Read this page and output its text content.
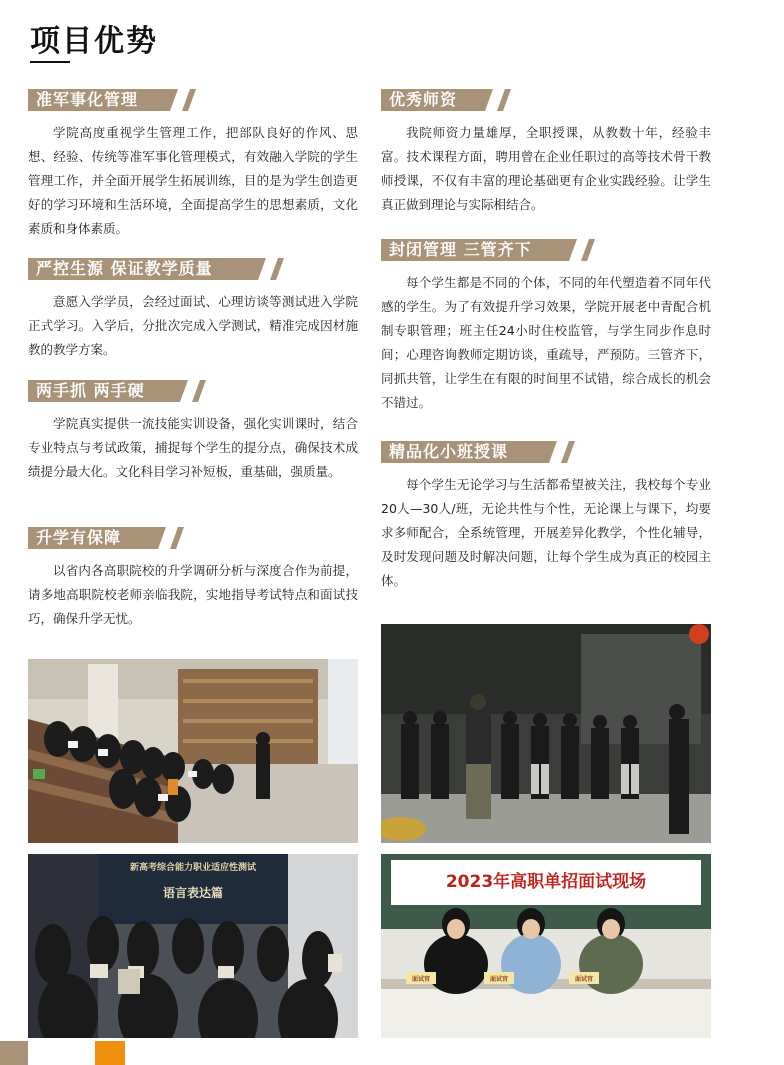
项目优势
准军事化管理
学院高度重视学生管理工作，把部队良好的作风、思想、经验、传统等准军事化管理模式，有效融入学院的学生管理工作，并全面开展学生拓展训练，目的是为学生创造更好的学习环境和生活环境，全面提高学生的思想素质，文化素质和身体素质。
严控生源 保证教学质量
意愿入学学员，会经过面试、心理访谈等测试进入学院正式学习。入学后，分批次完成入学测试，精准完成因材施教的教学方案。
两手抓 两手硬
学院真实提供一流技能实训设备，强化实训课时，结合专业特点与考试政策，捕捉每个学生的提分点，确保技术成绩提分最大化。文化科目学习补短板，重基础，强质量。
升学有保障
以省内各高职院校的升学调研分析与深度合作为前提，请多地高职院校老师亲临我院，实地指导考试特点和面试技巧，确保升学无忧。
优秀师资
我院师资力量雄厚，全职授课，从教数十年，经验丰富。技术课程方面，聘用曾在企业任职过的高等技术骨干教师授课，不仅有丰富的理论基础更有企业实践经验。让学生真正做到理论与实际相结合。
封闭管理 三管齐下
每个学生都是不同的个体，不同的年代塑造着不同年代感的学生。为了有效提升学习效果，学院开展老中青配合机制专职管理；班主任24小时住校监管，与学生同步作息时间；心理咨询教师定期访谈，重疏导，严预防。三管齐下，同抓共管，让学生在有限的时间里不试错，综合成长的机会不错过。
精品化小班授课
每个学生无论学习与生活都希望被关注，我校每个专业20人—30人/班，无论共性与个性，无论课上与课下，均要求多师配合，全系统管理，开展差异化教学，个性化辅导，及时发现问题及时解决问题，让每个学生成为真正的校园主体。
新高考综合能力职业适应性测试
语言表达篇
2023年高职单招面试现场
面试官	面试官	面试官
